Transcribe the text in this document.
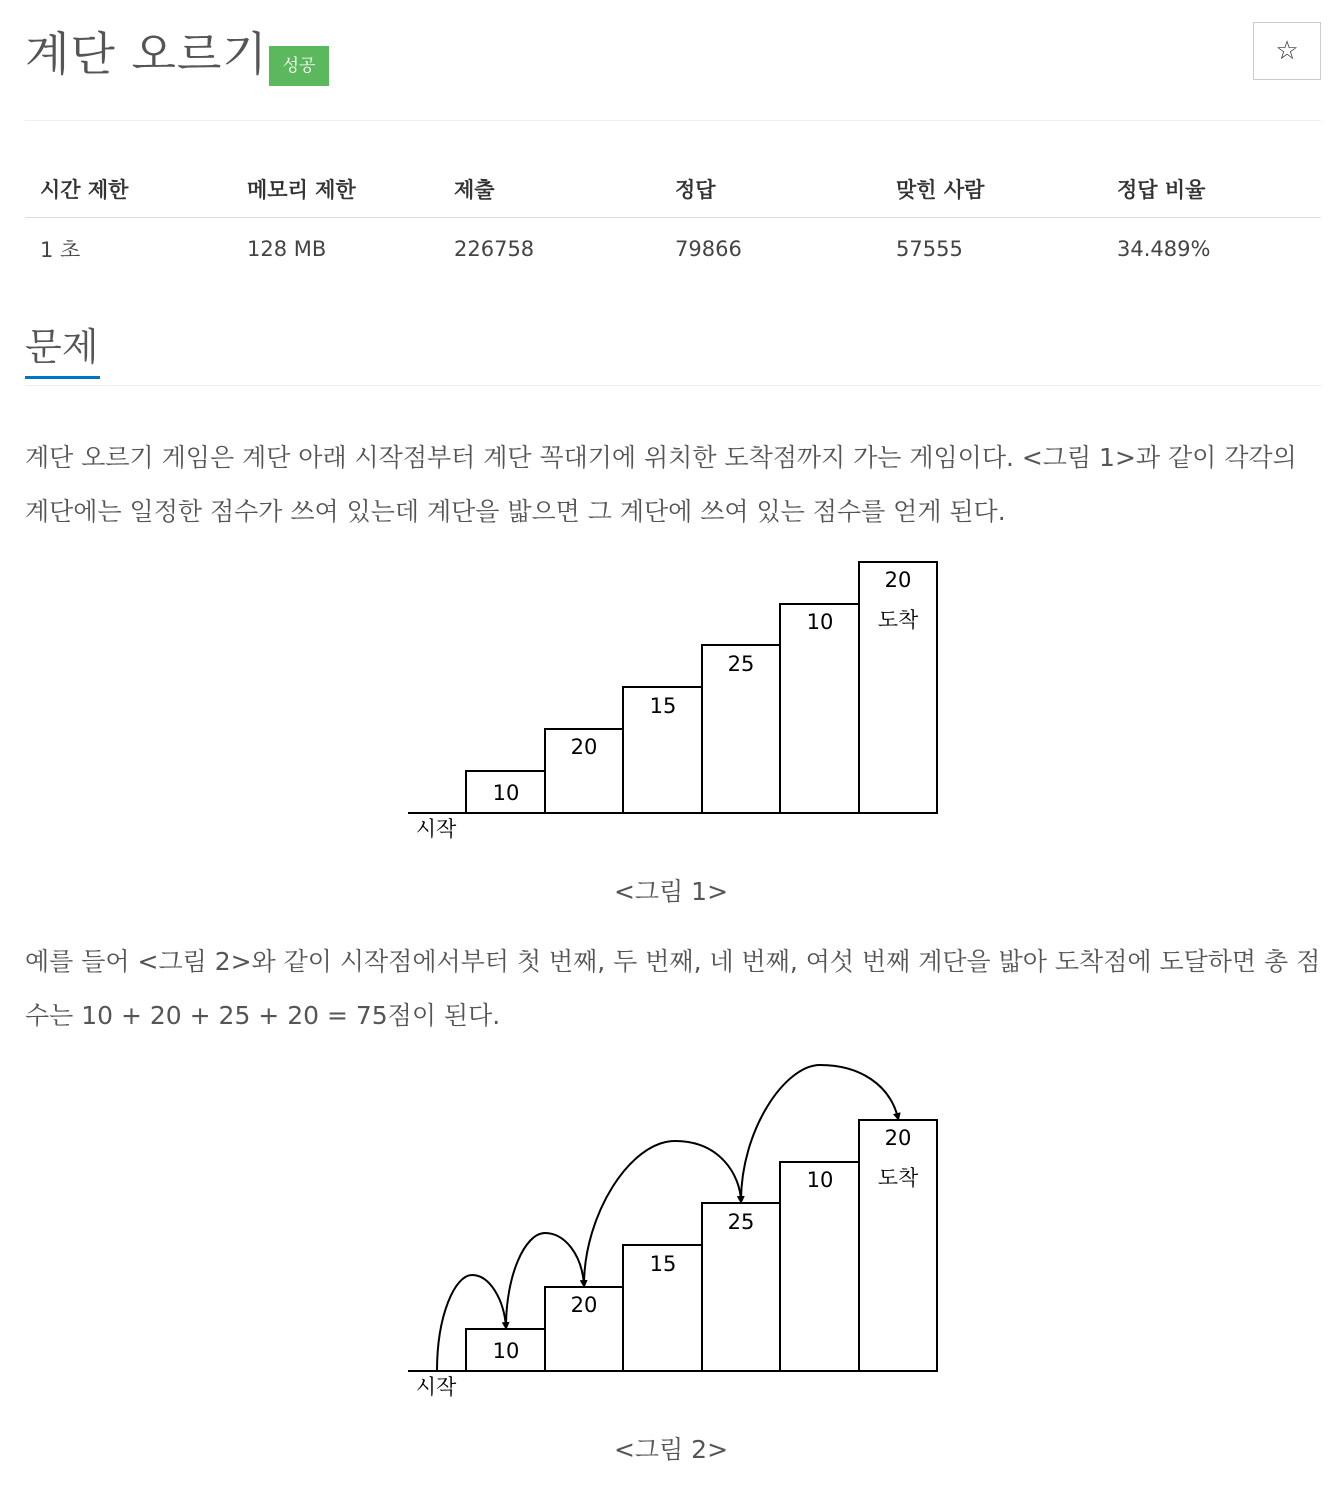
계단 오르기 성공	☆
시간 제한	메모리 제한	제출	정답	맞힌 사람	정답 비율
1 초	128 MB	226758	79866	57555	34.489%
문제

계단 오르기 게임은 계단 아래 시작점부터 계단 꼭대기에 위치한 도착점까지 가는 게임이다. <그림 1>과 같이 각각의 계단에는 일정한 점수가 쓰여 있는데 계단을 밟으면 그 계단에 쓰여 있는 점수를 얻게 된다.

10
20
15
25
10
20
도착
시작
<그림 1>

예를 들어 <그림 2>와 같이 시작점에서부터 첫 번째, 두 번째, 네 번째, 여섯 번째 계단을 밟아 도착점에 도달하면 총 점수는 10 + 20 + 25 + 20 = 75점이 된다.

10
20
15
25
10
20
도착
시작
<그림 2>
